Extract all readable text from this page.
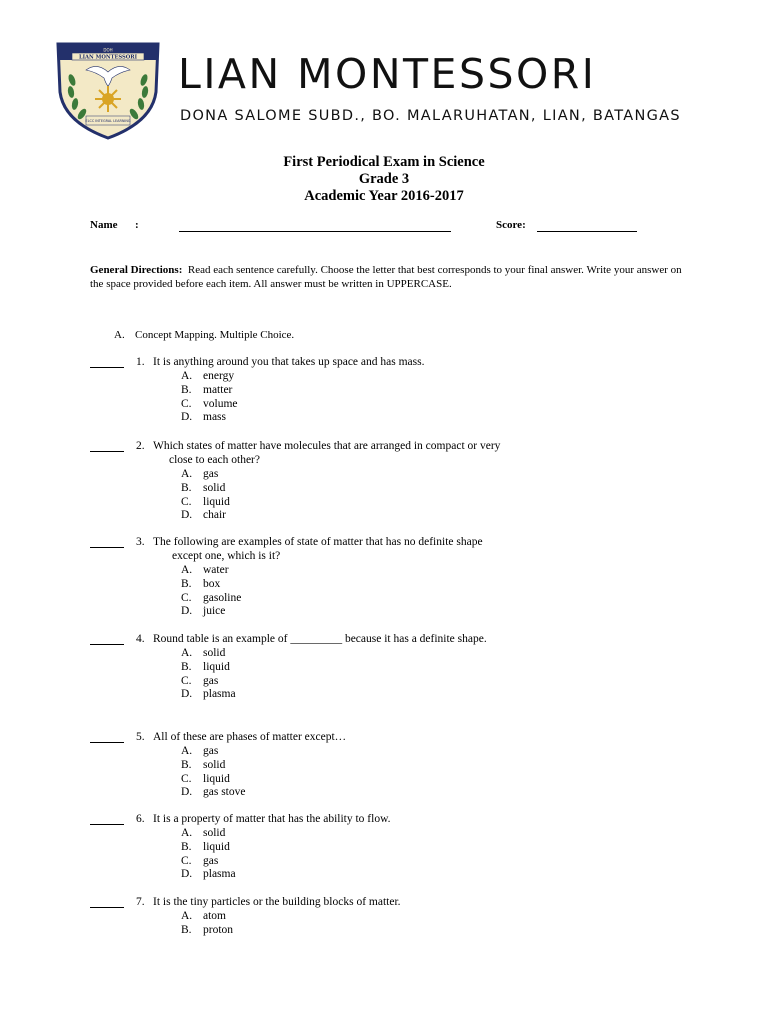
DOH
LIAN MONTESSORI
ELCC INTEGRAL LEARNING
LIAN MONTESSORI
DONA SALOME SUBD., BO. MALARUHATAN, LIAN, BATANGAS
First Periodical Exam in Science
Grade 3
Academic Year 2016-2017
Name :	Score:
General Directions: Read each sentence carefully. Choose the letter that best corresponds to your final answer. Write your answer on the space provided before each item. All answer must be written in UPPERCASE.
A. Concept Mapping. Multiple Choice.
1. It is anything around you that takes up space and has mass.
A. energy
B. matter
C. volume
D. mass
2. Which states of matter have molecules that are arranged in compact or very
close to each other?
A. gas
B. solid
C. liquid
D. chair
3. The following are examples of state of matter that has no definite shape
except one, which is it?
A. water
B. box
C. gasoline
D. juice
4. Round table is an example of _________ because it has a definite shape.
A. solid
B. liquid
C. gas
D. plasma
5. All of these are phases of matter except…
A. gas
B. solid
C. liquid
D. gas stove
6. It is a property of matter that has the ability to flow.
A. solid
B. liquid
C. gas
D. plasma
7. It is the tiny particles or the building blocks of matter.
A. atom
B. proton
